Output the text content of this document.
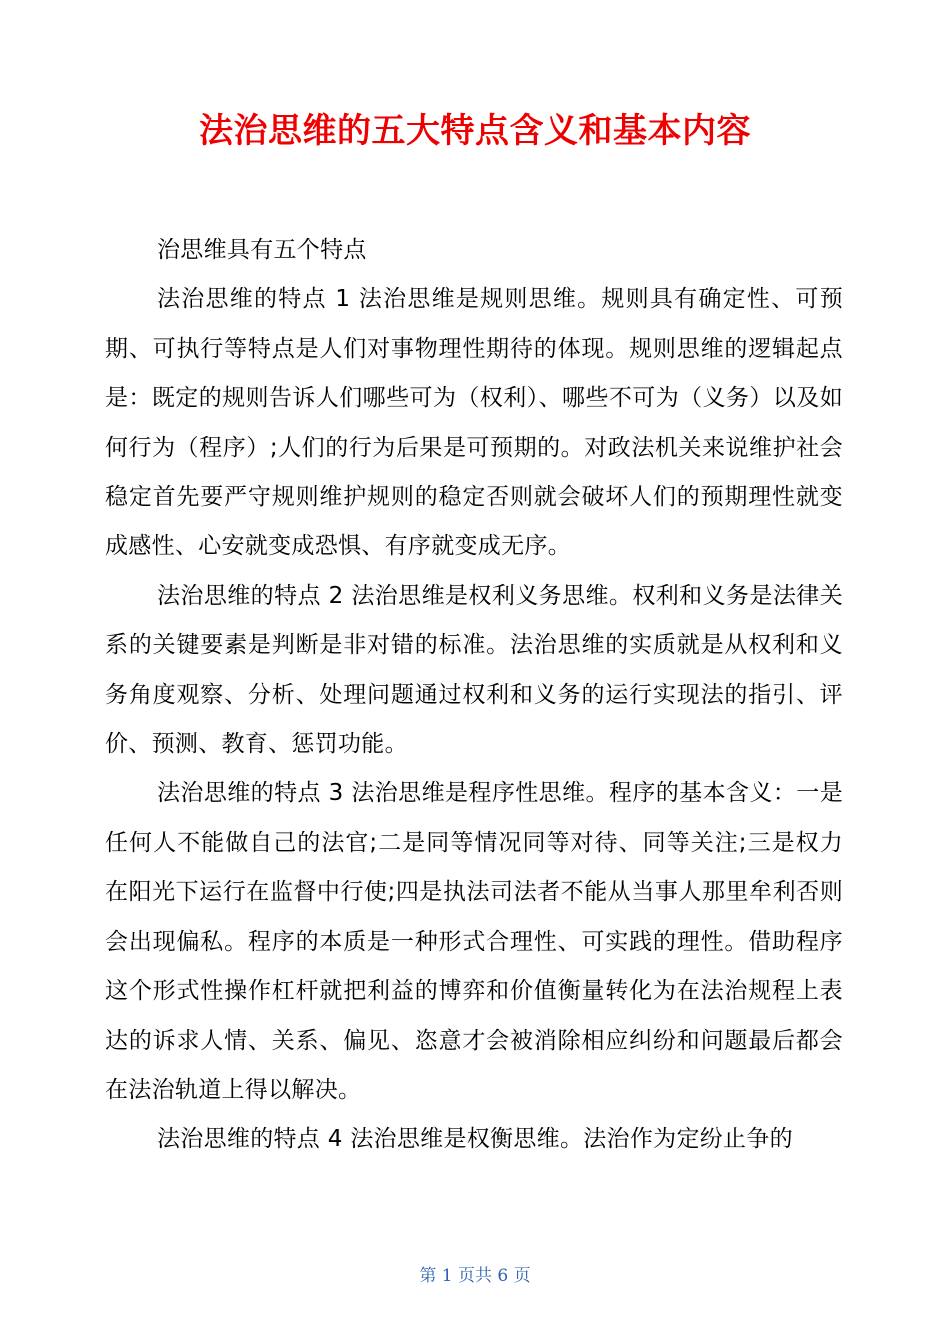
法治思维的五大特点含义和基本内容

治思维具有五个特点

法治思维的特点 1 法治思维是规则思维。规则具有确定性、可预期、可执行等特点是人们对事物理性期待的体现。规则思维的逻辑起点是：既定的规则告诉人们哪些可为（权利）、哪些不可为（义务）以及如何行为（程序）;人们的行为后果是可预期的。对政法机关来说维护社会稳定首先要严守规则维护规则的稳定否则就会破坏人们的预期理性就变成感性、心安就变成恐惧、有序就变成无序。

法治思维的特点 2 法治思维是权利义务思维。权利和义务是法律关系的关键要素是判断是非对错的标准。法治思维的实质就是从权利和义务角度观察、分析、处理问题通过权利和义务的运行实现法的指引、评价、预测、教育、惩罚功能。

法治思维的特点 3 法治思维是程序性思维。程序的基本含义：一是任何人不能做自己的法官;二是同等情况同等对待、同等关注;三是权力在阳光下运行在监督中行使;四是执法司法者不能从当事人那里牟利否则会出现偏私。程序的本质是一种形式合理性、可实践的理性。借助程序这个形式性操作杠杆就把利益的博弈和价值衡量转化为在法治规程上表达的诉求人情、关系、偏见、恣意才会被消除相应纠纷和问题最后都会在法治轨道上得以解决。

法治思维的特点 4 法治思维是权衡思维。法治作为定纷止争的

第 1 页共 6 页
